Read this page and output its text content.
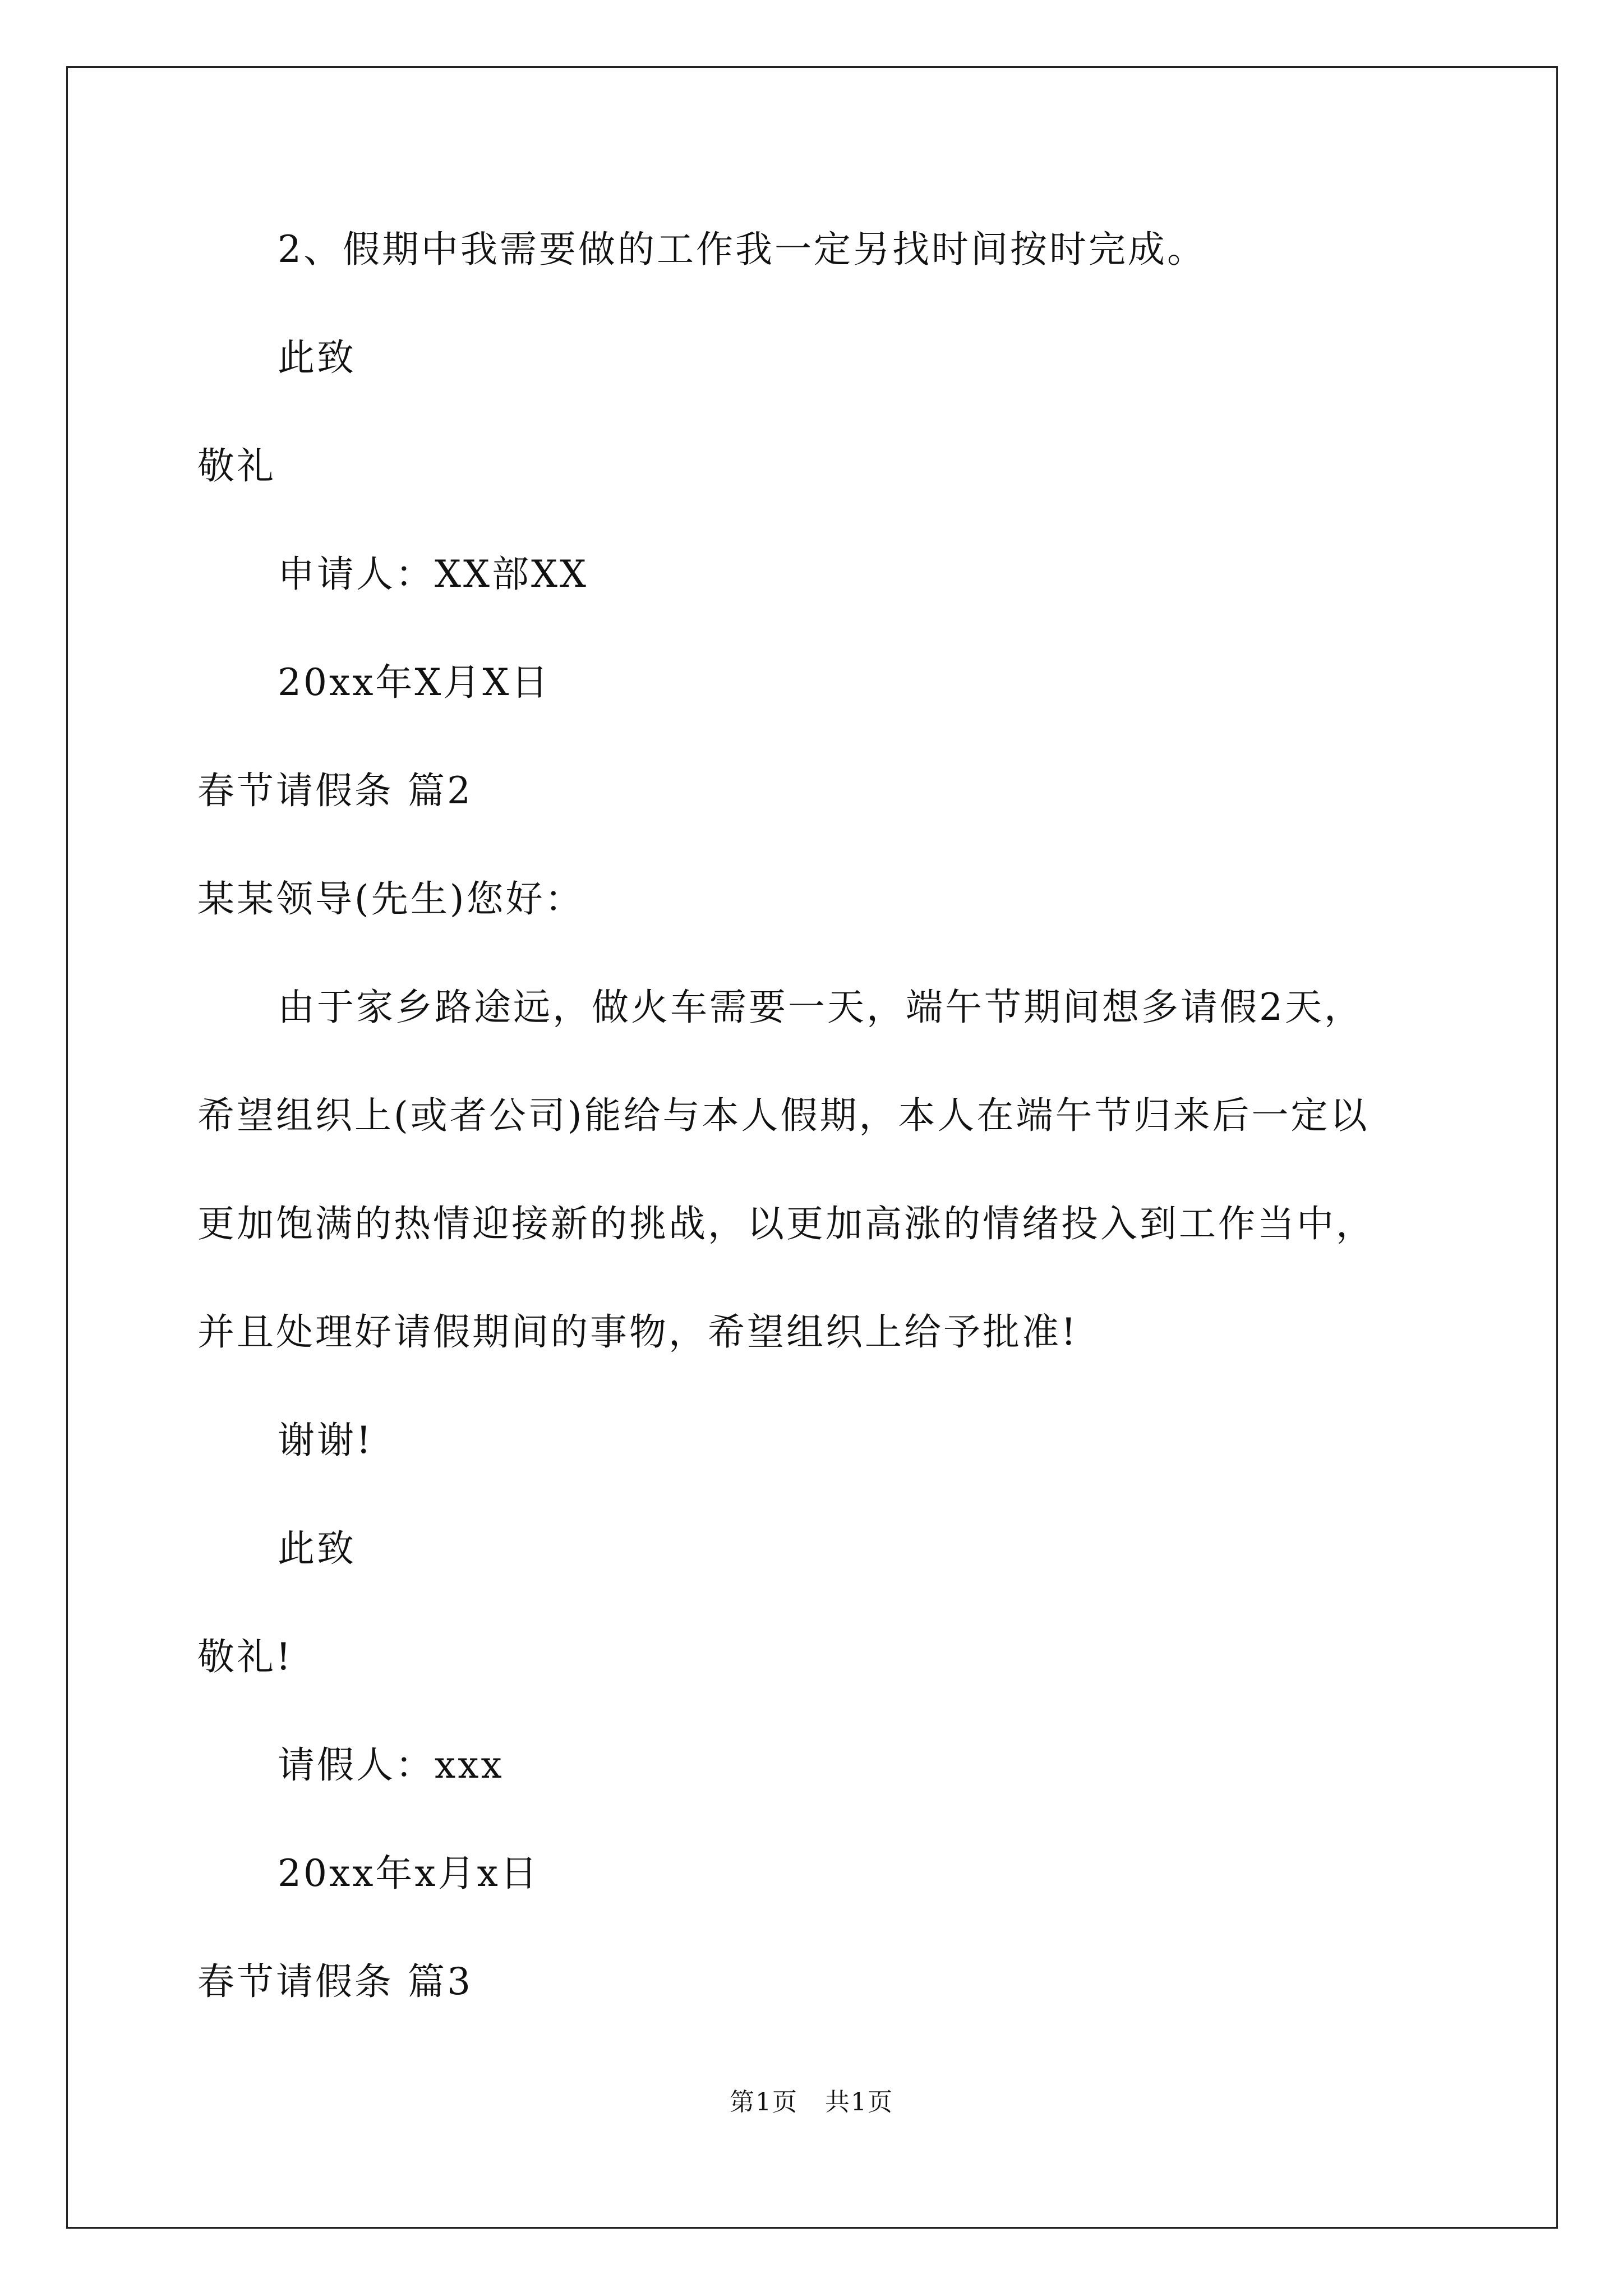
2、假期中我需要做的工作我一定另找时间按时完成。

此致

敬礼

申请人：XX部XX

20xx年X月X日

春节请假条 篇2

某某领导(先生)您好：

由于家乡路途远，做火车需要一天，端午节期间想多请假2天，

希望组织上(或者公司)能给与本人假期，本人在端午节归来后一定以

更加饱满的热情迎接新的挑战，以更加高涨的情绪投入到工作当中，

并且处理好请假期间的事物，希望组织上给予批准!

谢谢!

此致

敬礼!

请假人：xxx

20xx年x月x日

春节请假条 篇3

第1页   共1页
